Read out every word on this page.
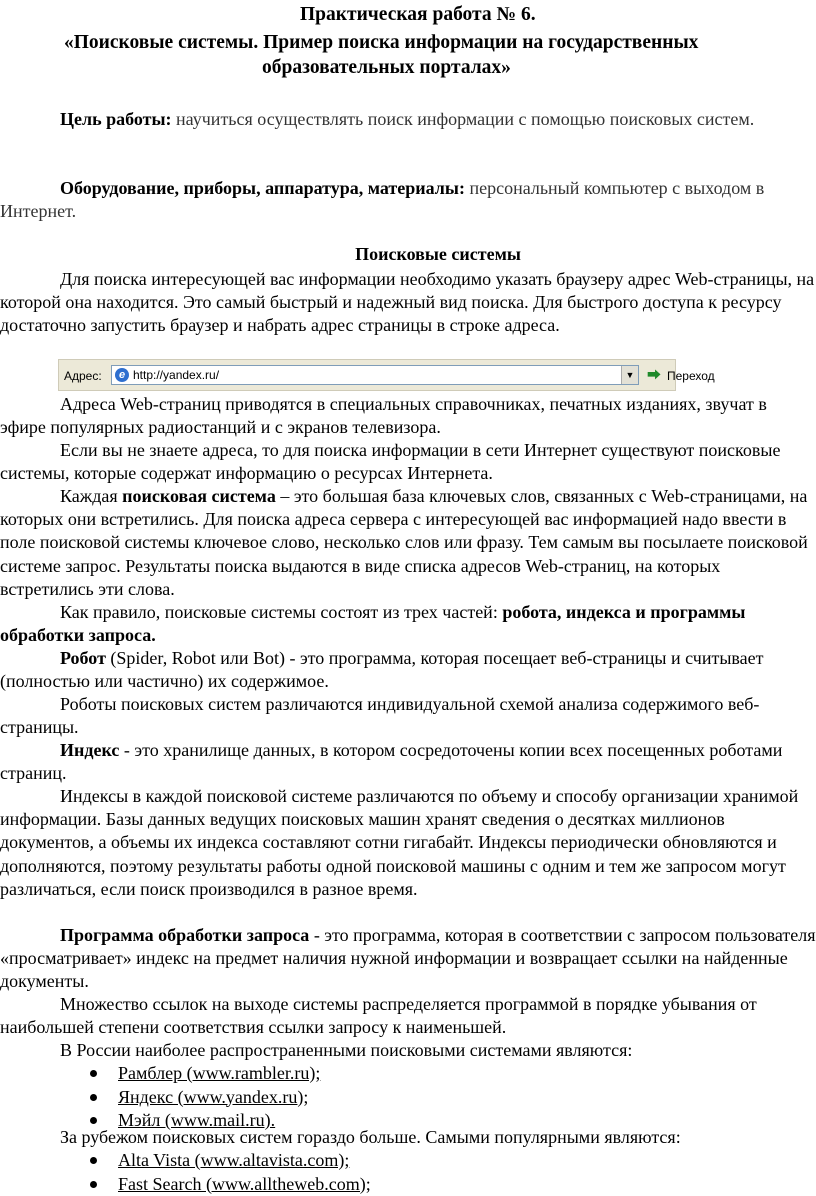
Практическая работа № 6.

«Поисковые системы. Пример поиска информации на государственных

образовательных порталах»

Цель работы: научиться осуществлять поиск информации с помощью поисковых систем.

Оборудование, приборы, аппаратура, материалы: персональный компьютер с выходом в Интернет.

Поисковые системы

Для поиска интересующей вас информации необходимо указать браузеру адрес Web-страницы, на которой она находится. Это самый быстрый и надежный вид поиска. Для быстрого доступа к ресурсу достаточно запустить браузер и набрать адрес страницы в строке адреса.

Адрес:	e http://yandex.ru/	▼ ⮕ Переход

Адреса Web-страниц приводятся в специальных справочниках, печатных изданиях, звучат в эфире популярных радиостанций и с экранов телевизора.

Если вы не знаете адреса, то для поиска информации в сети Интернет существуют поисковые системы, которые содержат информацию о ресурсах Интернета.

Каждая поисковая система – это большая база ключевых слов, связанных с Web-страницами, на которых они встретились. Для поиска адреса сервера с интересующей вас информацией надо ввести в поле поисковой системы ключевое слово, несколько слов или фразу. Тем самым вы посылаете поисковой системе запрос. Результаты поиска выдаются в виде списка адресов Web-страниц, на которых встретились эти слова.

Как правило, поисковые системы состоят из трех частей: робота, индекса и программы обработки запроса.

Робот (Spider, Robot или Bot) - это программа, которая посещает веб-страницы и считывает (полностью или частично) их содержимое.

Роботы поисковых систем различаются индивидуальной схемой анализа содержимого веб-страницы.

Индекс - это хранилище данных, в котором сосредоточены копии всех посещенных роботами страниц.

Индексы в каждой поисковой системе различаются по объему и способу организации хранимой информации. Базы данных ведущих поисковых машин хранят сведения о десятках миллионов документов, а объемы их индекса составляют сотни гигабайт. Индексы периодически обновляются и дополняются, поэтому результаты работы одной поисковой машины с одним и тем же запросом могут различаться, если поиск производился в разное время.

Программа обработки запроса - это программа, которая в соответствии с запросом пользователя «просматривает» индекс на предмет наличия нужной информации и возвращает ссылки на найденные документы.

Множество ссылок на выходе системы распределяется программой в порядке убывания от наибольшей степени соответствия ссылки запросу к наименьшей.

В России наиболее распространенными поисковыми системами являются:

Рамблер (www.rambler.ru);
Яндекс (www.yandex.ru);
Мэйл (www.mail.ru).

За рубежом поисковых систем гораздо больше. Самыми популярными являются:

Alta Vista (www.altavista.com);
Fast Search (www.alltheweb.com);
